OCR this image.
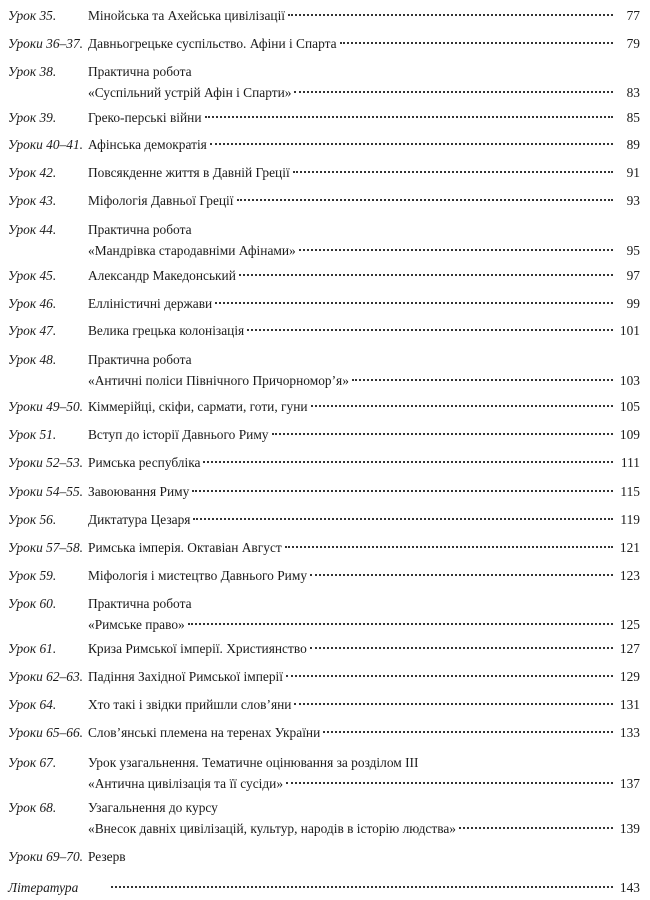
Урок 35. Мінойська та Ахейська цивілізації	77
Уроки 36–37. Давньогрецьке суспільство. Афіни і Спарта	79
Урок 38. Практична робота
«Суспільний устрій Афін і Спарти»	83
Урок 39. Греко-перські війни	85
Уроки 40–41. Афінська демократія	89
Урок 42. Повсякденне життя в Давній Греції	91
Урок 43. Міфологія Давньої Греції	93
Урок 44. Практична робота
«Мандрівка стародавніми Афінами»	95
Урок 45. Александр Македонський	97
Урок 46. Елліністичні держави	99
Урок 47. Велика грецька колонізація	101
Урок 48. Практична робота
«Античні поліси Північного Причорномор’я»	103
Уроки 49–50. Кіммерійці, скіфи, сармати, готи, гуни	105
Урок 51. Вступ до історії Давнього Риму	109
Уроки 52–53. Римська республіка	111
Уроки 54–55. Завоювання Риму	115
Урок 56. Диктатура Цезаря	119
Уроки 57–58. Римська імперія. Октавіан Август	121
Урок 59. Міфологія і мистецтво Давнього Риму	123
Урок 60. Практична робота
«Римське право»	125
Урок 61. Криза Римської імперії. Християнство	127
Уроки 62–63. Падіння Західної Римської імперії	129
Урок 64. Хто такі і звідки прийшли слов’яни	131
Уроки 65–66. Слов’янські племена на теренах України	133
Урок 67. Урок узагальнення. Тематичне оцінювання за розділом ІІІ
«Антична цивілізація та її сусіди»	137
Урок 68. Узагальнення до курсу
«Внесок давніх цивілізацій, культур, народів в історію людства»	139
Уроки 69–70. Резерв
Література	143
